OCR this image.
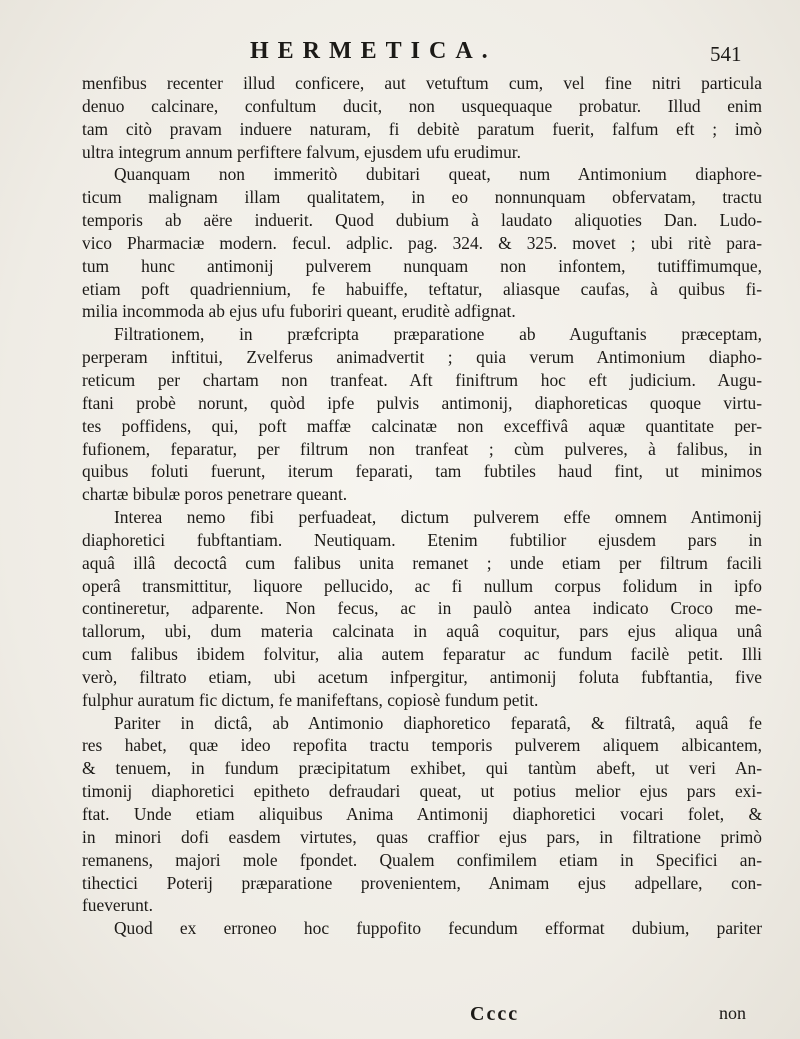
HERMETICA.	541
menfibus recenter illud conficere, aut vetuftum cum, vel fine nitri particula
denuo calcinare, confultum ducit, non usquequaque probatur. Illud enim
tam citò pravam induere naturam, fi debitè paratum fuerit, falfum eft ; imò
ultra integrum annum perfiftere falvum, ejusdem ufu erudimur.
Quanquam non immeritò dubitari queat, num Antimonium diaphore-
ticum malignam illam qualitatem, in eo nonnunquam obfervatam, tractu
temporis ab aëre induerit. Quod dubium à laudato aliquoties Dan. Ludo-
vico Pharmaciæ modern. fecul. adplic. pag. 324. & 325. movet ; ubi ritè para-
tum hunc antimonij pulverem nunquam non infontem, tutiffimumque,
etiam poft quadriennium, fe habuiffe, teftatur, aliasque caufas, à quibus fi-
milia incommoda ab ejus ufu fuboriri queant, eruditè adfignat.
Filtrationem, in præfcripta præparatione ab Auguftanis præceptam,
perperam inftitui, Zvelferus animadvertit ; quia verum Antimonium diapho-
reticum per chartam non tranfeat. Aft finiftrum hoc eft judicium. Augu-
ftani probè norunt, quòd ipfe pulvis antimonij, diaphoreticas quoque virtu-
tes poffidens, qui, poft maffæ calcinatæ non exceffivâ aquæ quantitate per-
fufionem, feparatur, per filtrum non tranfeat ; cùm pulveres, à falibus, in
quibus foluti fuerunt, iterum feparati, tam fubtiles haud fint, ut minimos
chartæ bibulæ poros penetrare queant.
Interea nemo fibi perfuadeat, dictum pulverem effe omnem Antimonij
diaphoretici fubftantiam. Neutiquam. Etenim fubtilior ejusdem pars in
aquâ illâ decoctâ cum falibus unita remanet ; unde etiam per filtrum facili
operâ transmittitur, liquore pellucido, ac fi nullum corpus folidum in ipfo
contineretur, adparente. Non fecus, ac in paulò antea indicato Croco me-
tallorum, ubi, dum materia calcinata in aquâ coquitur, pars ejus aliqua unâ
cum falibus ibidem folvitur, alia autem feparatur ac fundum facilè petit. Illi
verò, filtrato etiam, ubi acetum infpergitur, antimonij foluta fubftantia, five
fulphur auratum fic dictum, fe manifeftans, copiosè fundum petit.
Pariter in dictâ, ab Antimonio diaphoretico feparatâ, & filtratâ, aquâ fe
res habet, quæ ideo repofita tractu temporis pulverem aliquem albicantem,
& tenuem, in fundum præcipitatum exhibet, qui tantùm abeft, ut veri An-
timonij diaphoretici epitheto defraudari queat, ut potius melior ejus pars exi-
ftat. Unde etiam aliquibus Anima Antimonij diaphoretici vocari folet, &
in minori dofi easdem virtutes, quas craffior ejus pars, in filtratione primò
remanens, majori mole fpondet. Qualem confimilem etiam in Specifici an-
tihectici Poterij præparatione provenientem, Animam ejus adpellare, con-
fueverunt.
Quod ex erroneo hoc fuppofito fecundum efformat dubium, pariter
Cccc	non
